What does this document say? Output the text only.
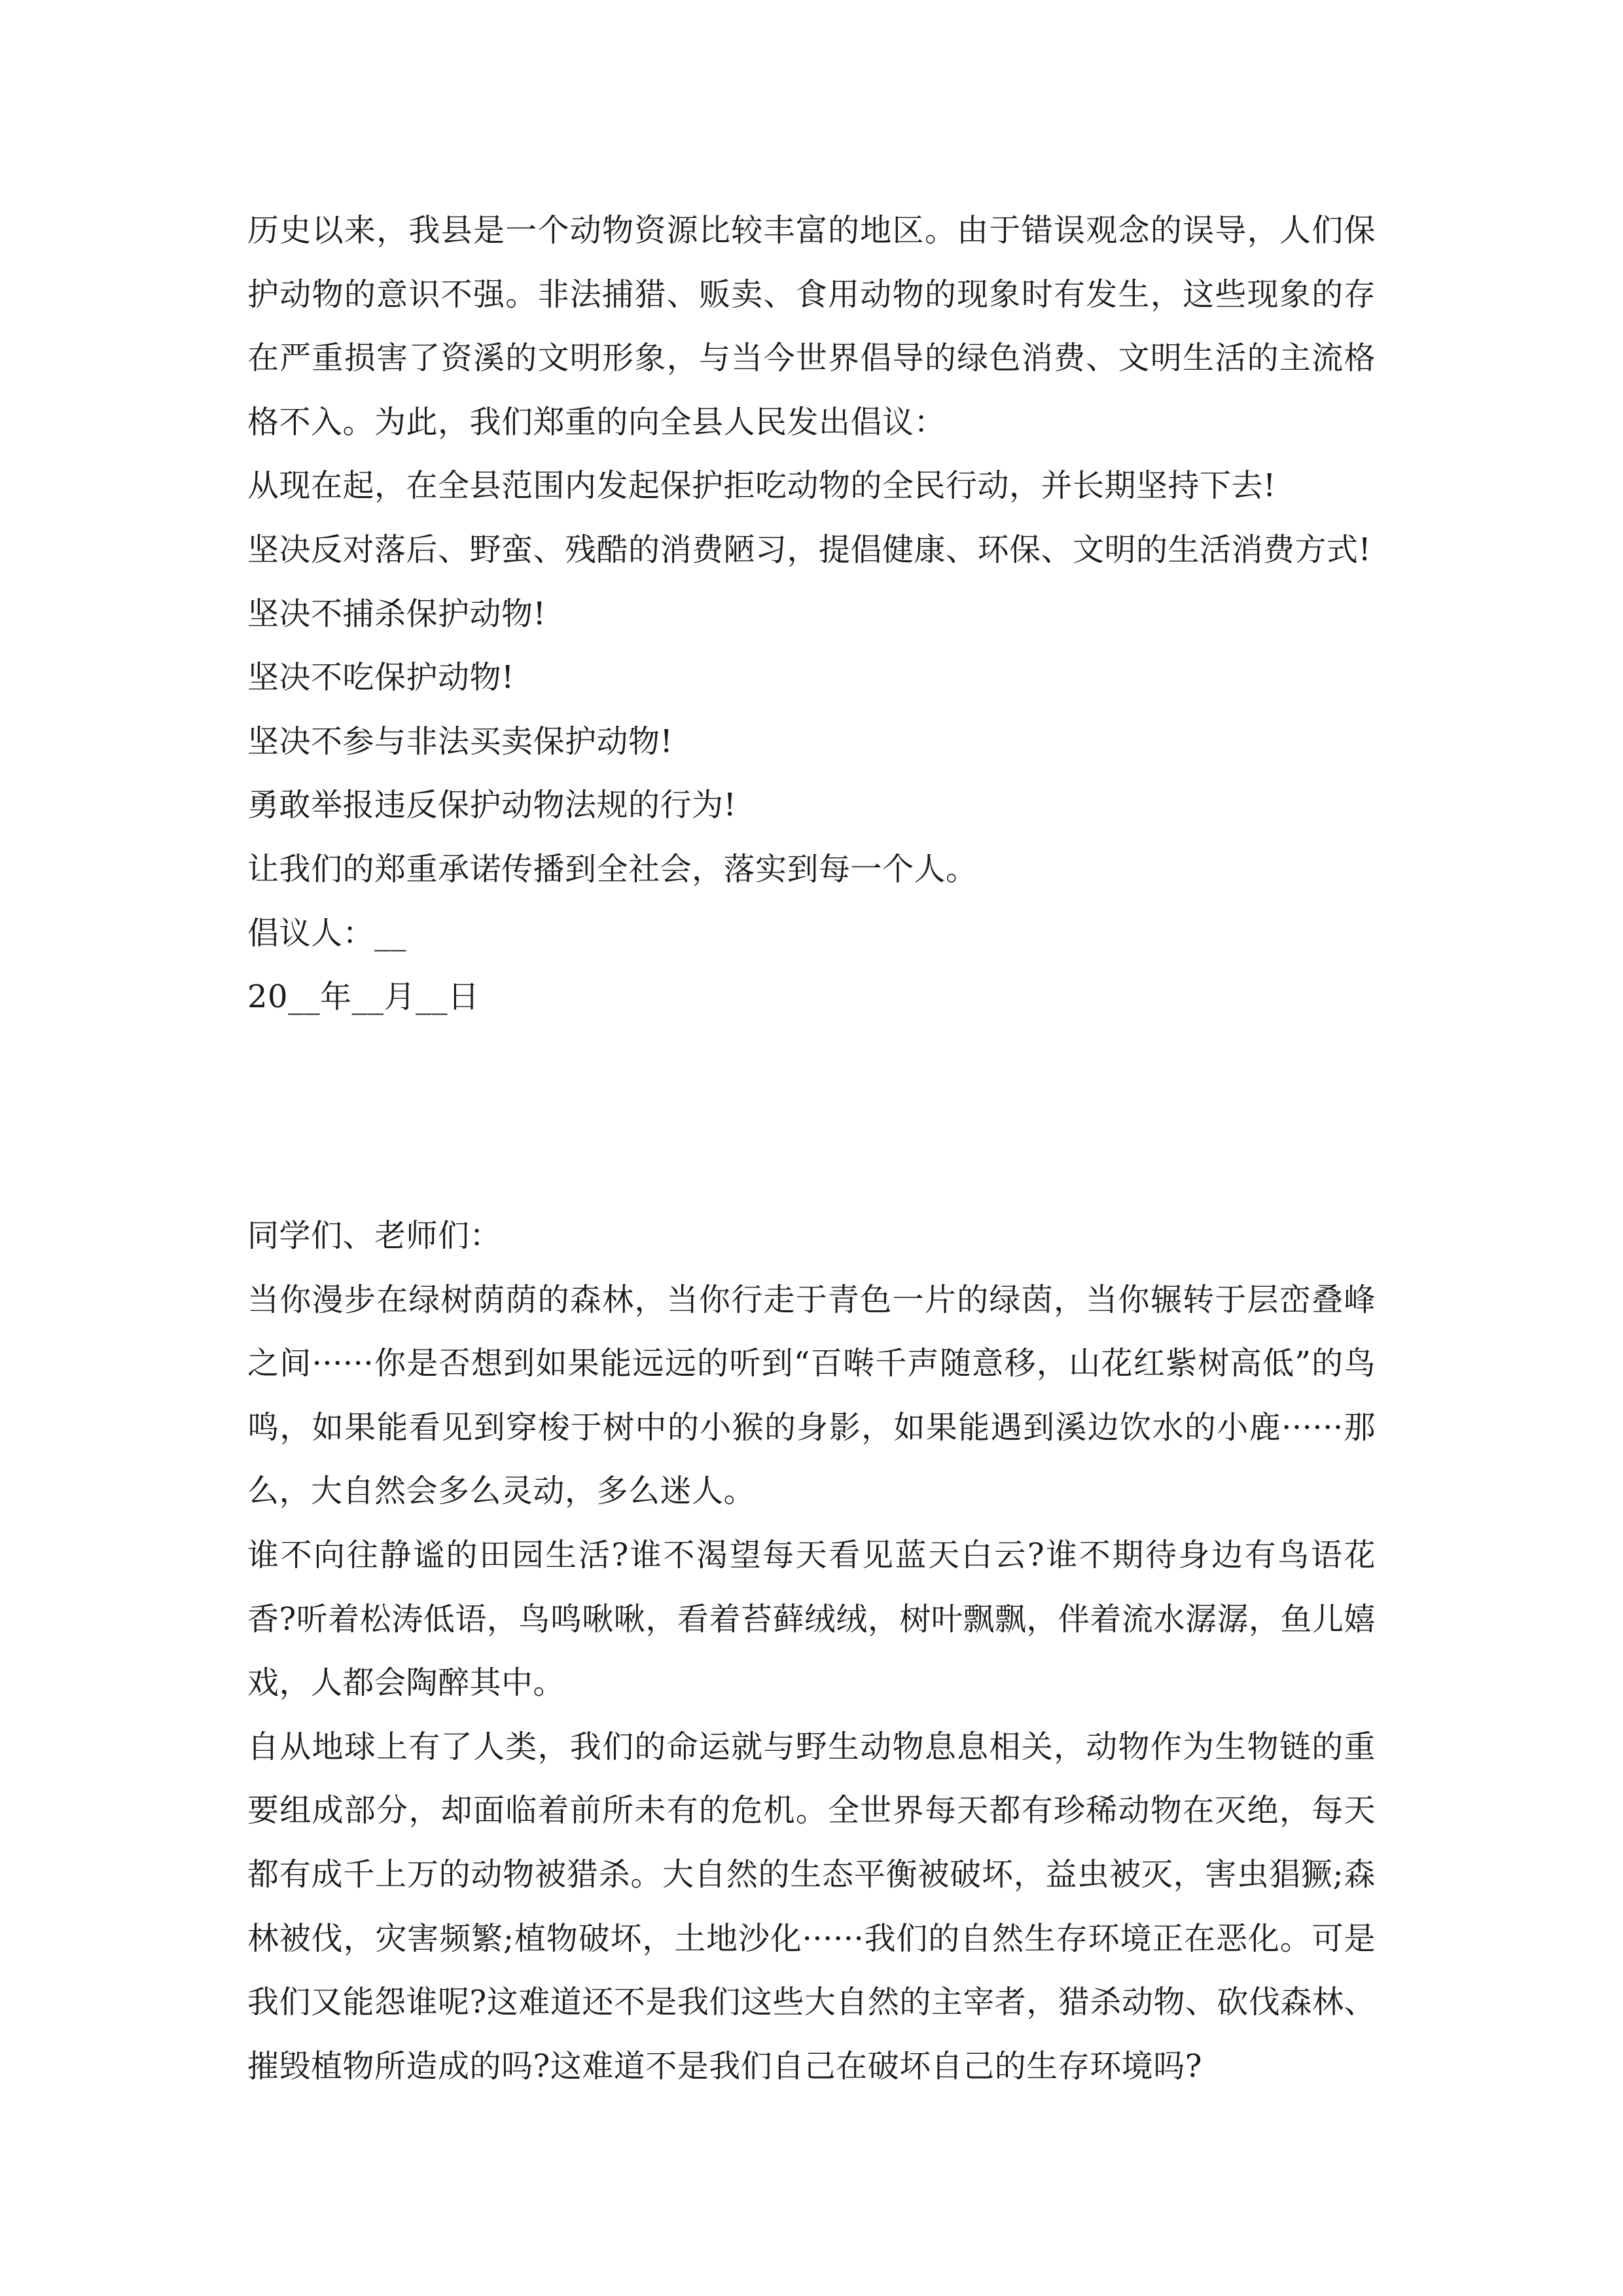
历史以来，我县是一个动物资源比较丰富的地区。由于错误观念的误导，人们保护动物的意识不强。非法捕猎、贩卖、食用动物的现象时有发生，这些现象的存在严重损害了资溪的文明形象，与当今世界倡导的绿色消费、文明生活的主流格格不入。为此，我们郑重的向全县人民发出倡议：

从现在起，在全县范围内发起保护拒吃动物的全民行动，并长期坚持下去!

坚决反对落后、野蛮、残酷的消费陋习，提倡健康、环保、文明的生活消费方式!

坚决不捕杀保护动物!

坚决不吃保护动物!

坚决不参与非法买卖保护动物!

勇敢举报违反保护动物法规的行为!

让我们的郑重承诺传播到全社会，落实到每一个人。

倡议人：__

20__年__月__日

同学们、老师们：

当你漫步在绿树荫荫的森林，当你行走于青色一片的绿茵，当你辗转于层峦叠峰之间······你是否想到如果能远远的听到“百啭千声随意移，山花红紫树高低”的鸟鸣，如果能看见到穿梭于树中的小猴的身影，如果能遇到溪边饮水的小鹿······那么，大自然会多么灵动，多么迷人。

谁不向往静谧的田园生活?谁不渴望每天看见蓝天白云?谁不期待身边有鸟语花香?听着松涛低语，鸟鸣啾啾，看着苔藓绒绒，树叶飘飘，伴着流水潺潺，鱼儿嬉戏，人都会陶醉其中。

自从地球上有了人类，我们的命运就与野生动物息息相关，动物作为生物链的重要组成部分，却面临着前所未有的危机。全世界每天都有珍稀动物在灭绝，每天都有成千上万的动物被猎杀。大自然的生态平衡被破坏，益虫被灭，害虫猖獗;森林被伐，灾害频繁;植物破坏，土地沙化······我们的自然生存环境正在恶化。可是我们又能怨谁呢?这难道还不是我们这些大自然的主宰者，猎杀动物、砍伐森林、摧毁植物所造成的吗?这难道不是我们自己在破坏自己的生存环境吗?
